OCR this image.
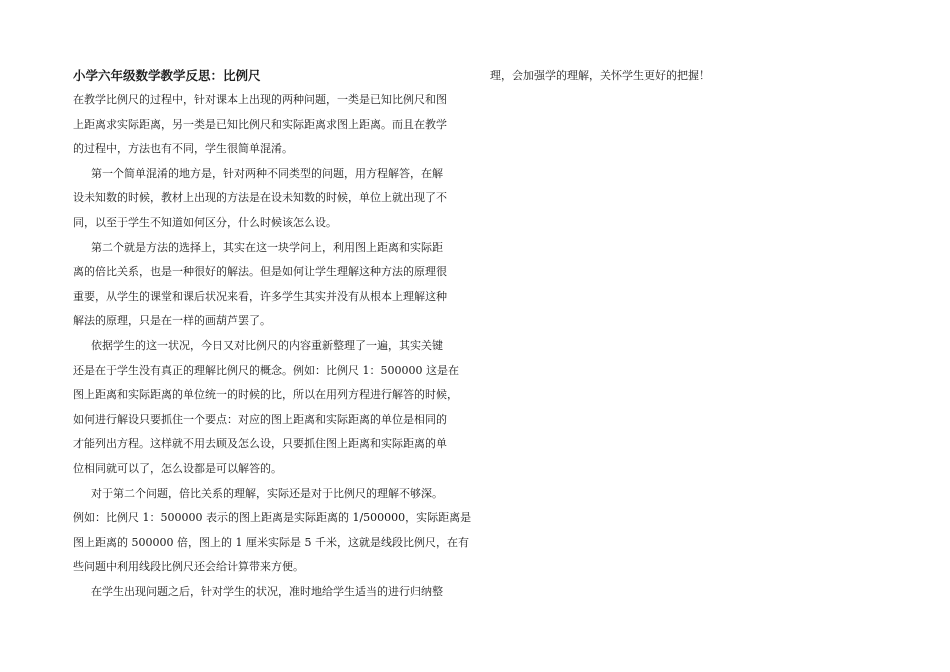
小学六年级数学教学反思：比例尺
在教学比例尺的过程中，针对课本上出现的两种问题，一类是已知比例尺和图
上距离求实际距离，另一类是已知比例尺和实际距离求图上距离。而且在教学
的过程中，方法也有不同，学生很简单混淆。
第一个简单混淆的地方是，针对两种不同类型的问题，用方程解答，在解
设未知数的时候，教材上出现的方法是在设未知数的时候，单位上就出现了不
同，以至于学生不知道如何区分，什么时候该怎么设。
第二个就是方法的选择上，其实在这一块学问上，利用图上距离和实际距
离的倍比关系，也是一种很好的解法。但是如何让学生理解这种方法的原理很
重要，从学生的课堂和课后状况来看，许多学生其实并没有从根本上理解这种
解法的原理，只是在一样的画葫芦罢了。
依据学生的这一状况，今日又对比例尺的内容重新整理了一遍，其实关键
还是在于学生没有真正的理解比例尺的概念。例如：比例尺 1：500000 这是在
图上距离和实际距离的单位统一的时候的比，所以在用列方程进行解答的时候，
如何进行解设只要抓住一个要点：对应的图上距离和实际距离的单位是相同的
才能列出方程。这样就不用去顾及怎么设，只要抓住图上距离和实际距离的单
位相同就可以了，怎么设都是可以解答的。
对于第二个问题，倍比关系的理解，实际还是对于比例尺的理解不够深。
例如：比例尺 1：500000 表示的图上距离是实际距离的 1/500000，实际距离是
图上距离的 500000 倍，图上的 1 厘米实际是 5 千米，这就是线段比例尺，在有
些问题中利用线段比例尺还会给计算带来方便。
在学生出现问题之后，针对学生的状况，准时地给学生适当的进行归纳整
理，会加强学的理解，关怀学生更好的把握！
